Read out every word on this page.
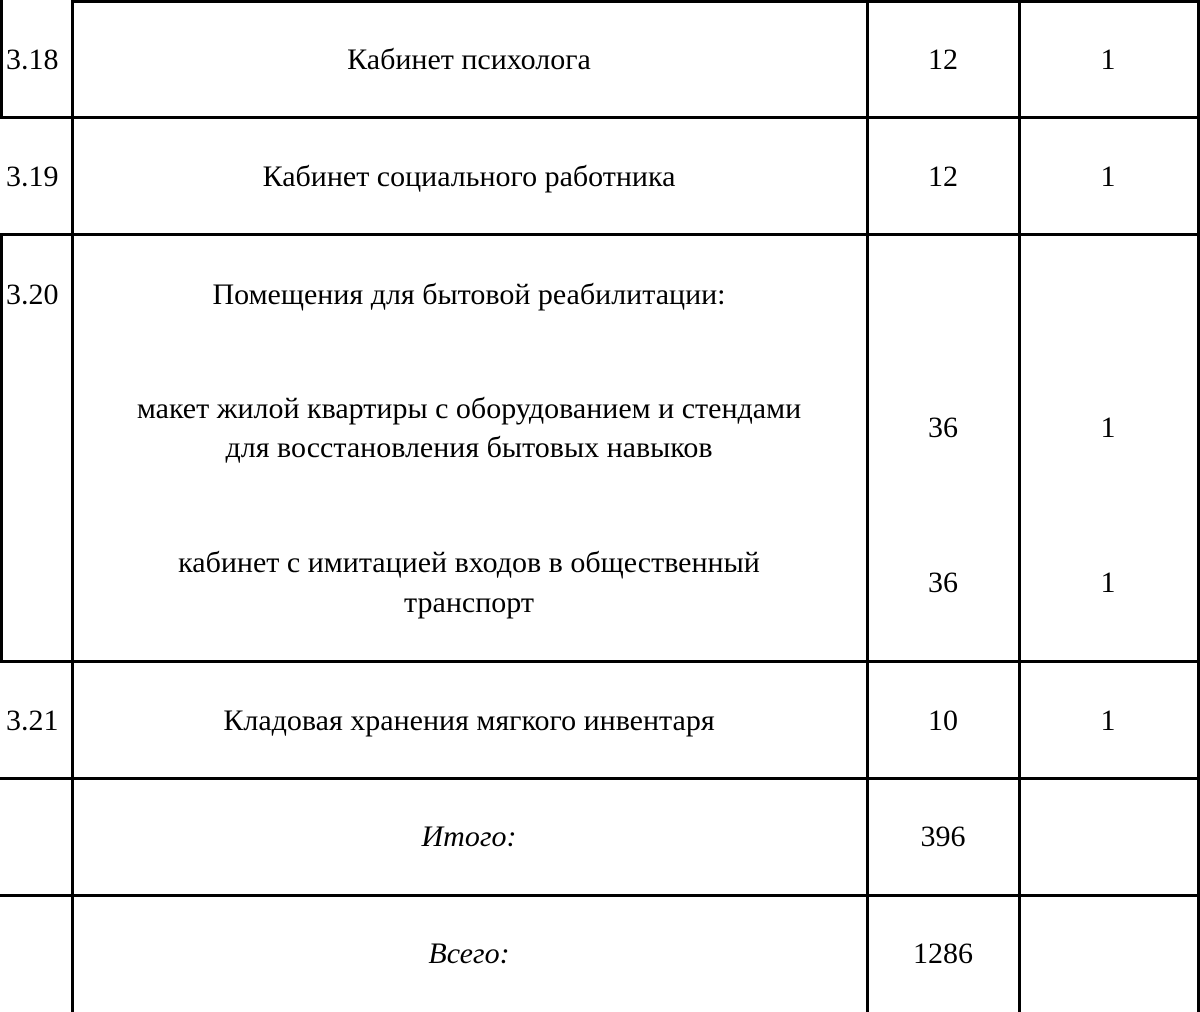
3.18	Кабинет психолога	12	1
3.19	Кабинет социального работника	12	1
3.20	Помещения для бытовой реабилитации:
макет жилой квартиры с оборудованием и стендами
для восстановления бытовых навыков
36	1
кабинет с имитацией входов в общественный
транспорт
36	1
3.21	Кладовая хранения мягкого инвентаря	10	1
Итого:	396
Всего:	1286
